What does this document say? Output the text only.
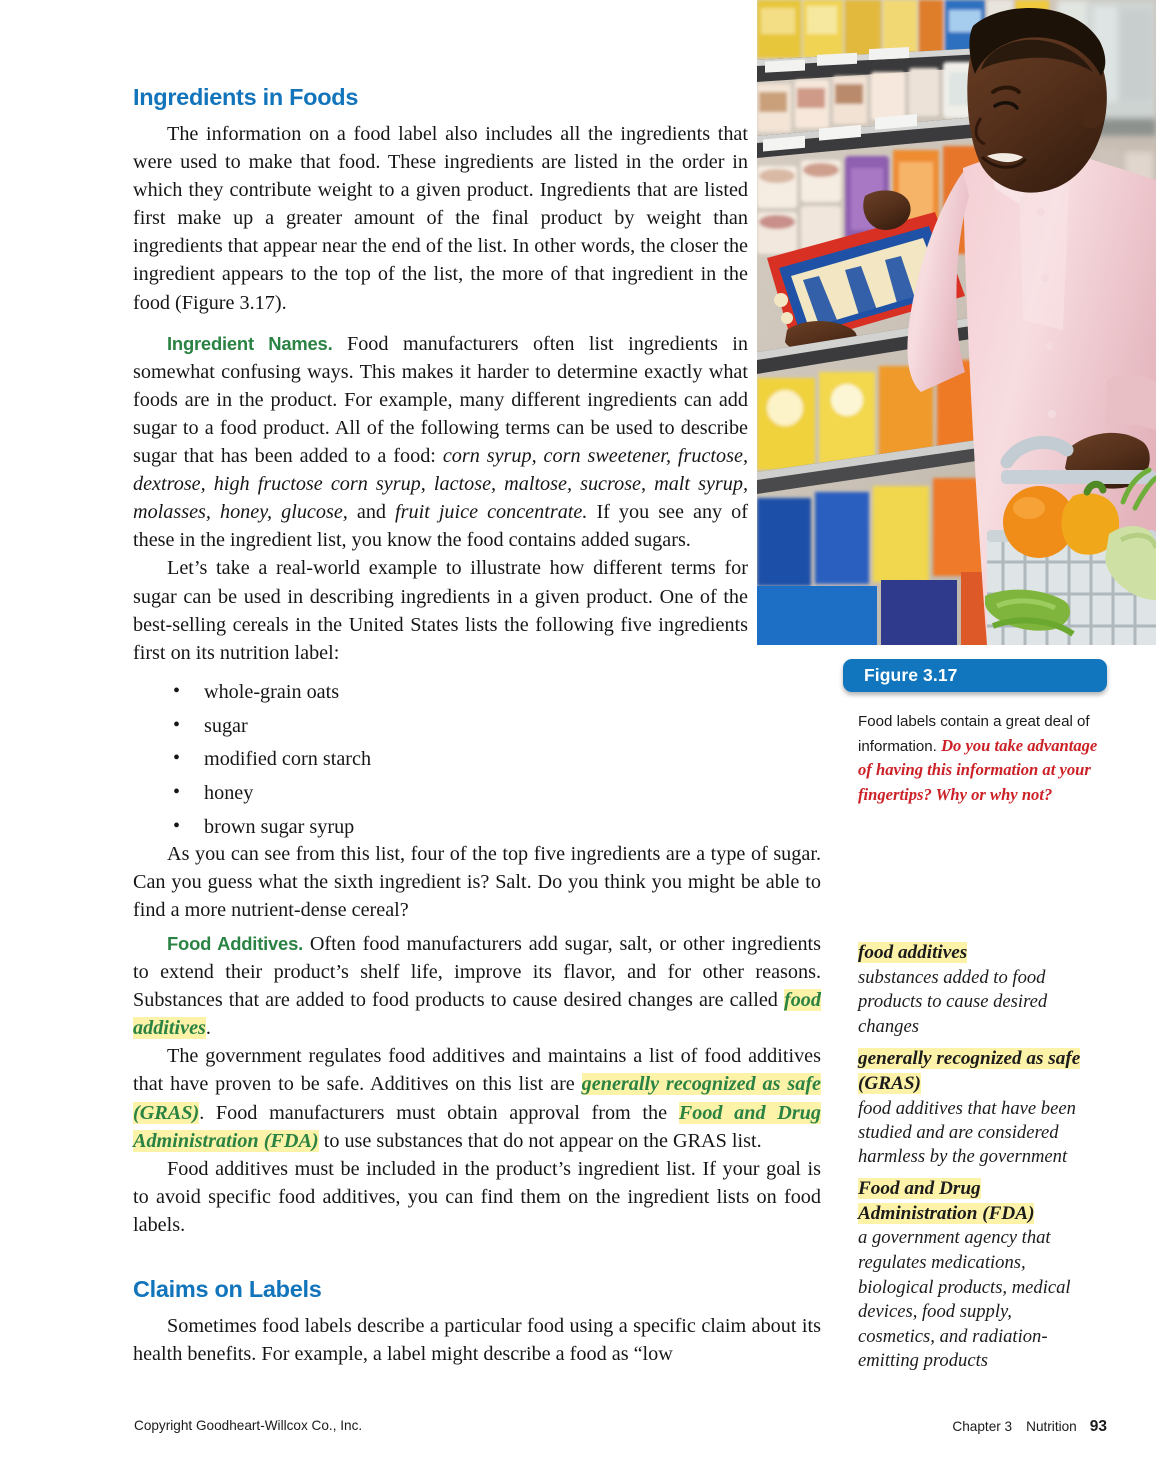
Figure 3.17
Food labels contain a great deal of information. Do you take advantage of having this information at your fingertips? Why or why not?
Ingredients in Foods

The information on a food label also includes all the ingredients that were used to make that food. These ingredients are listed in the order in which they contribute weight to a given product. Ingredients that are listed first make up a greater amount of the final product by weight than ingredients that appear near the end of the list. In other words, the closer the ingredient appears to the top of the list, the more of that ingredient in the food (Figure 3.17).

Ingredient Names. Food manufacturers often list ingredients in somewhat confusing ways. This makes it harder to determine exactly what foods are in the product. For example, many different ingredients can add sugar to a food product. All of the following terms can be used to describe sugar that has been added to a food: corn syrup, corn sweetener, fructose, dextrose, high fructose corn syrup, lactose, maltose, sucrose, malt syrup, molasses, honey, glucose, and fruit juice concentrate. If you see any of these in the ingredient list, you know the food contains added sugars.

Let’s take a real-world example to illustrate how different terms for sugar can be used in describing ingredients in a given product. One of the best-selling cereals in the United States lists the following five ingredients first on its nutrition label:

• whole-grain oats
• sugar
• modified corn starch
• honey
• brown sugar syrup

As you can see from this list, four of the top five ingredients are a type of sugar. Can you guess what the sixth ingredient is? Salt. Do you think you might be able to find a more nutrient-dense cereal?

Food Additives. Often food manufacturers add sugar, salt, or other ingredients to extend their product’s shelf life, improve its flavor, and for other reasons. Substances that are added to food products to cause desired changes are called food additives.

The government regulates food additives and maintains a list of food additives that have proven to be safe. Additives on this list are generally recognized as safe (GRAS). Food manufacturers must obtain approval from the Food and Drug Administration (FDA) to use substances that do not appear on the GRAS list.

Food additives must be included in the product’s ingredient list. If your goal is to avoid specific food additives, you can find them on the ingredient lists on food labels.

Claims on Labels

Sometimes food labels describe a particular food using a specific claim about its health benefits. For example, a label might describe a food as “low

food additives
substances added to food products to cause desired changes
generally recognized as safe (GRAS)
food additives that have been studied and are considered harmless by the government
Food and Drug Administration (FDA)
a government agency that regulates medications, biological products, medical devices, food supply, cosmetics, and radiation-emitting products
Copyright Goodheart-Willcox Co., Inc.	Chapter 3 Nutrition 93
